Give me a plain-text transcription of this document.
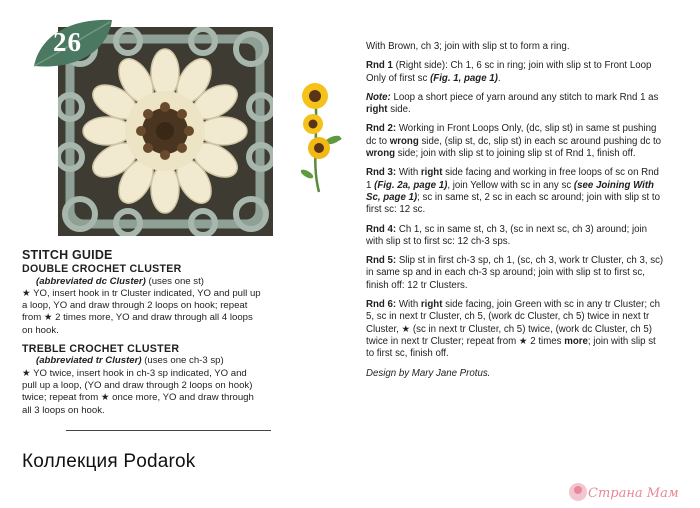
26
STITCH GUIDE
DOUBLE CROCHET CLUSTER

(abbreviated dc Cluster) (uses one st)

★ YO, insert hook in tr Cluster indicated, YO and pull up

a loop, YO and draw through 2 loops on hook; repeat

from ★ 2 times more, YO and draw through all 4 loops

on hook.

TREBLE CROCHET CLUSTER

(abbreviated tr Cluster) (uses one ch-3 sp)

★ YO twice, insert hook in ch-3 sp indicated, YO and

pull up a loop, (YO and draw through 2 loops on hook)

twice; repeat from ★ once more, YO and draw through

all 3 loops on hook.

With Brown, ch 3; join with slip st to form a ring.

Rnd 1 (Right side): Ch 1, 6 sc in ring; join with slip st to Front Loop Only of first sc (Fig. 1, page 1).

Note: Loop a short piece of yarn around any stitch to mark Rnd 1 as right side.

Rnd 2: Working in Front Loops Only, (dc, slip st) in same st pushing dc to wrong side, (slip st, dc, slip st) in each sc around pushing dc to wrong side; join with slip st to joining slip st of Rnd 1, finish off.

Rnd 3: With right side facing and working in free loops of sc on Rnd 1 (Fig. 2a, page 1), join Yellow with sc in any sc (see Joining With Sc, page 1); sc in same st, 2 sc in each sc around; join with slip st to first sc: 12 sc.

Rnd 4: Ch 1, sc in same st, ch 3, (sc in next sc, ch 3) around; join with slip st to first sc: 12 ch-3 sps.

Rnd 5: Slip st in first ch-3 sp, ch 1, (sc, ch 3, work tr Cluster, ch 3, sc) in same sp and in each ch-3 sp around; join with slip st to first sc, finish off: 12 tr Clusters.

Rnd 6: With right side facing, join Green with sc in any tr Cluster; ch 5, sc in next tr Cluster, ch 5, (work dc Cluster, ch 5) twice in next tr Cluster, ★ (sc in next tr Cluster, ch 5) twice, (work dc Cluster, ch 5) twice in next tr Cluster; repeat from ★ 2 times more; join with slip st to first sc, finish off.

Design by Mary Jane Protus.

Коллекция Podarok
Страна Мам
